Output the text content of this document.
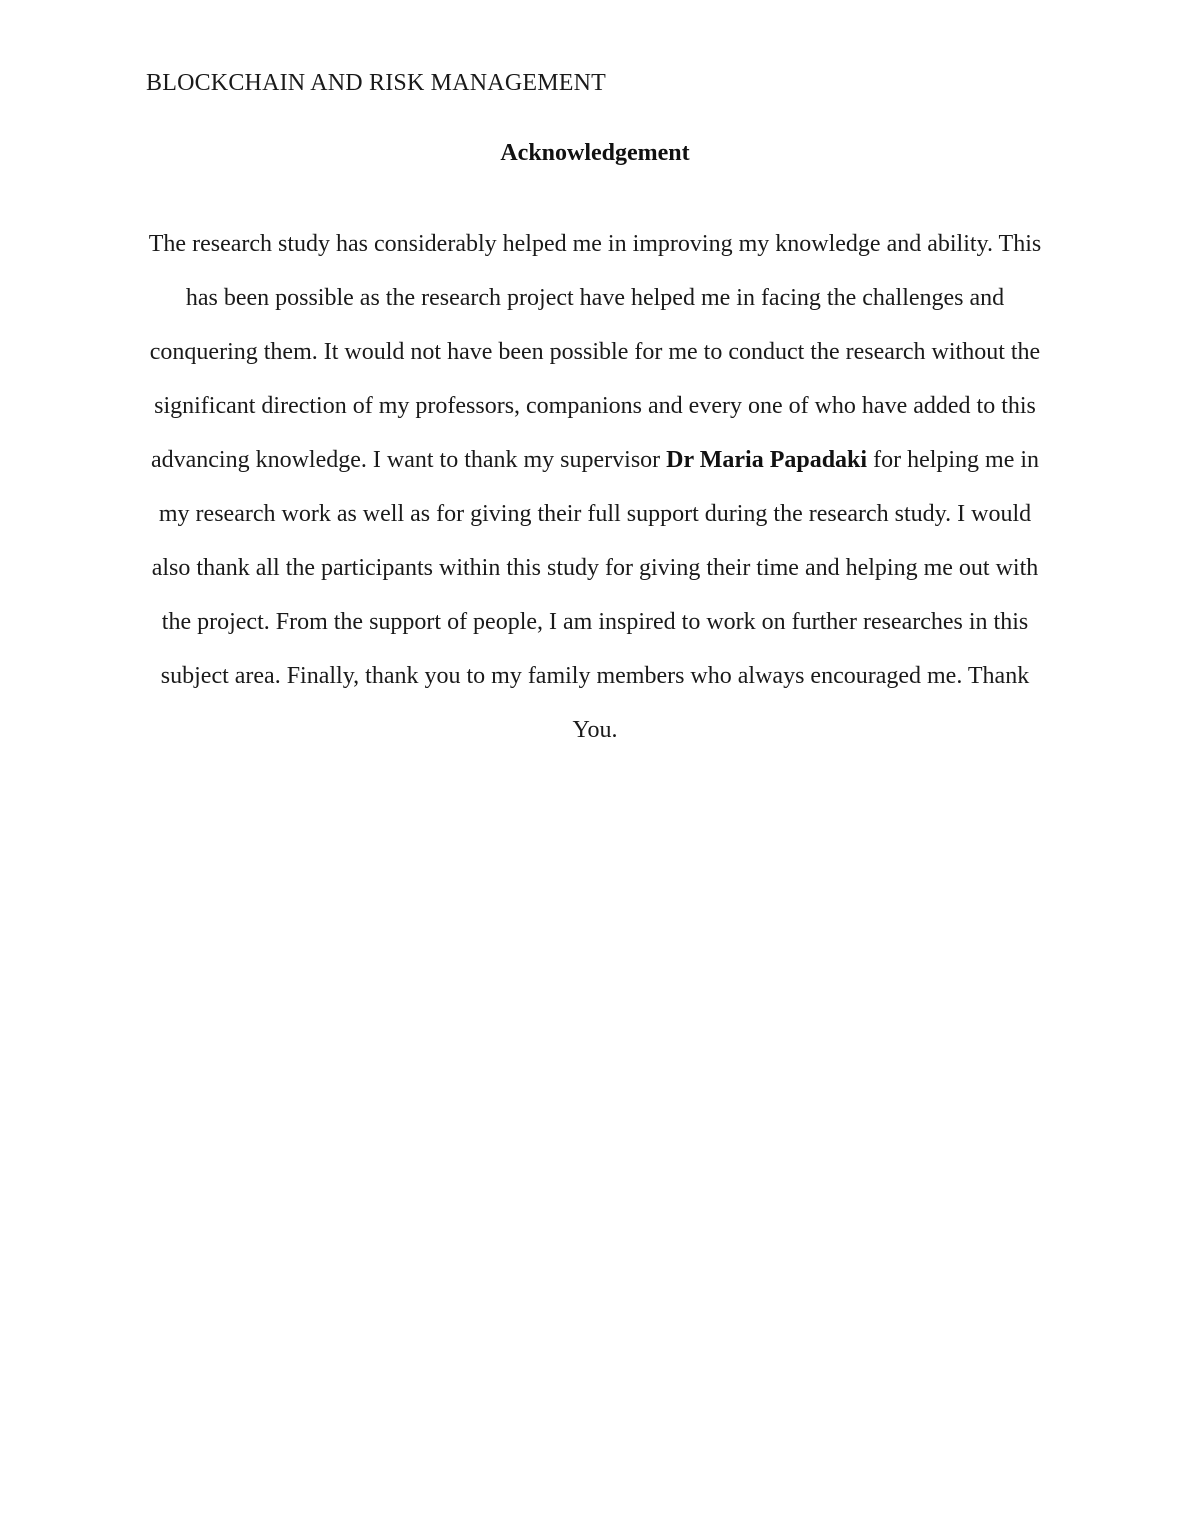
BLOCKCHAIN AND RISK MANAGEMENT
Acknowledgement

The research study has considerably helped me in improving my knowledge and ability. This has been possible as the research project have helped me in facing the challenges and conquering them. It would not have been possible for me to conduct the research without the significant direction of my professors, companions and every one of who have added to this advancing knowledge. I want to thank my supervisor Dr Maria Papadaki for helping me in my research work as well as for giving their full support during the research study. I would also thank all the participants within this study for giving their time and helping me out with the project. From the support of people, I am inspired to work on further researches in this subject area. Finally, thank you to my family members who always encouraged me. Thank You.
